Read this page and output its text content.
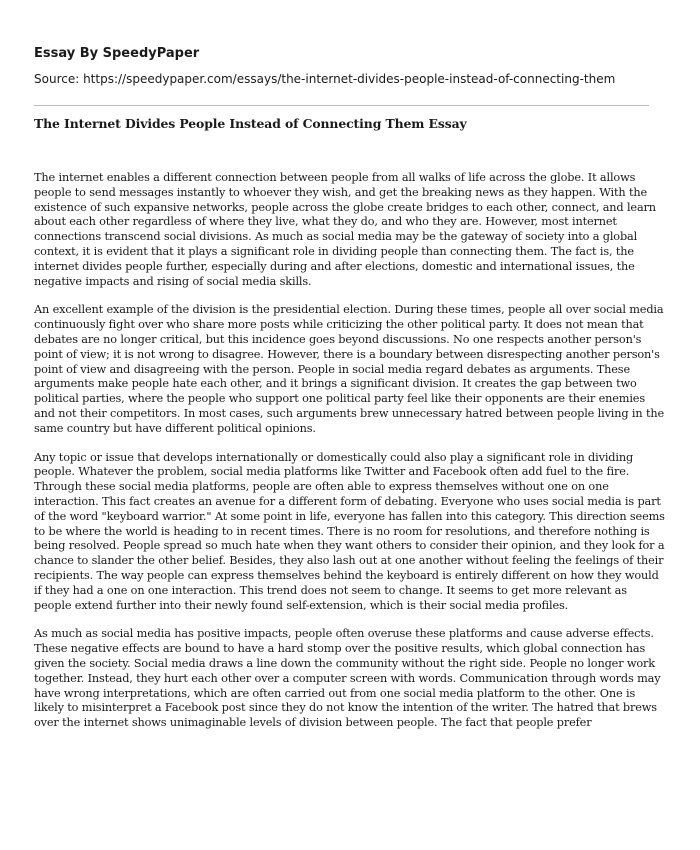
Essay By SpeedyPaper

Source: https://speedypaper.com/essays/the-internet-divides-people-instead-of-connecting-them

The Internet Divides People Instead of Connecting Them Essay

The internet enables a different connection between people from all walks of life across the globe. It allows people to send messages instantly to whoever they wish, and get the breaking news as they happen. With the existence of such expansive networks, people across the globe create bridges to each other, connect, and learn about each other regardless of where they live, what they do, and who they are. However, most internet connections transcend social divisions. As much as social media may be the gateway of society into a global context, it is evident that it plays a significant role in dividing people than connecting them. The fact is, the internet divides people further, especially during and after elections, domestic and international issues, the negative impacts and rising of social media skills.

An excellent example of the division is the presidential election. During these times, people all over social media continuously fight over who share more posts while criticizing the other political party. It does not mean that debates are no longer critical, but this incidence goes beyond discussions. No one respects another person's point of view; it is not wrong to disagree. However, there is a boundary between disrespecting another person's point of view and disagreeing with the person. People in social media regard debates as arguments. These arguments make people hate each other, and it brings a significant division. It creates the gap between two political parties, where the people who support one political party feel like their opponents are their enemies and not their competitors. In most cases, such arguments brew unnecessary hatred between people living in the same country but have different political opinions.

Any topic or issue that develops internationally or domestically could also play a significant role in dividing people. Whatever the problem, social media platforms like Twitter and Facebook often add fuel to the fire. Through these social media platforms, people are often able to express themselves without one on one interaction. This fact creates an avenue for a different form of debating. Everyone who uses social media is part of the word "keyboard warrior." At some point in life, everyone has fallen into this category. This direction seems to be where the world is heading to in recent times. There is no room for resolutions, and therefore nothing is being resolved. People spread so much hate when they want others to consider their opinion, and they look for a chance to slander the other belief. Besides, they also lash out at one another without feeling the feelings of their recipients. The way people can express themselves behind the keyboard is entirely different on how they would if they had a one on one interaction. This trend does not seem to change. It seems to get more relevant as people extend further into their newly found self-extension, which is their social media profiles.

As much as social media has positive impacts, people often overuse these platforms and cause adverse effects. These negative effects are bound to have a hard stomp over the positive results, which global connection has given the society. Social media draws a line down the community without the right side. People no longer work together. Instead, they hurt each other over a computer screen with words. Communication through words may have wrong interpretations, which are often carried out from one social media platform to the other. One is likely to misinterpret a Facebook post since they do not know the intention of the writer. The hatred that brews over the internet shows unimaginable levels of division between people. The fact that people prefer
